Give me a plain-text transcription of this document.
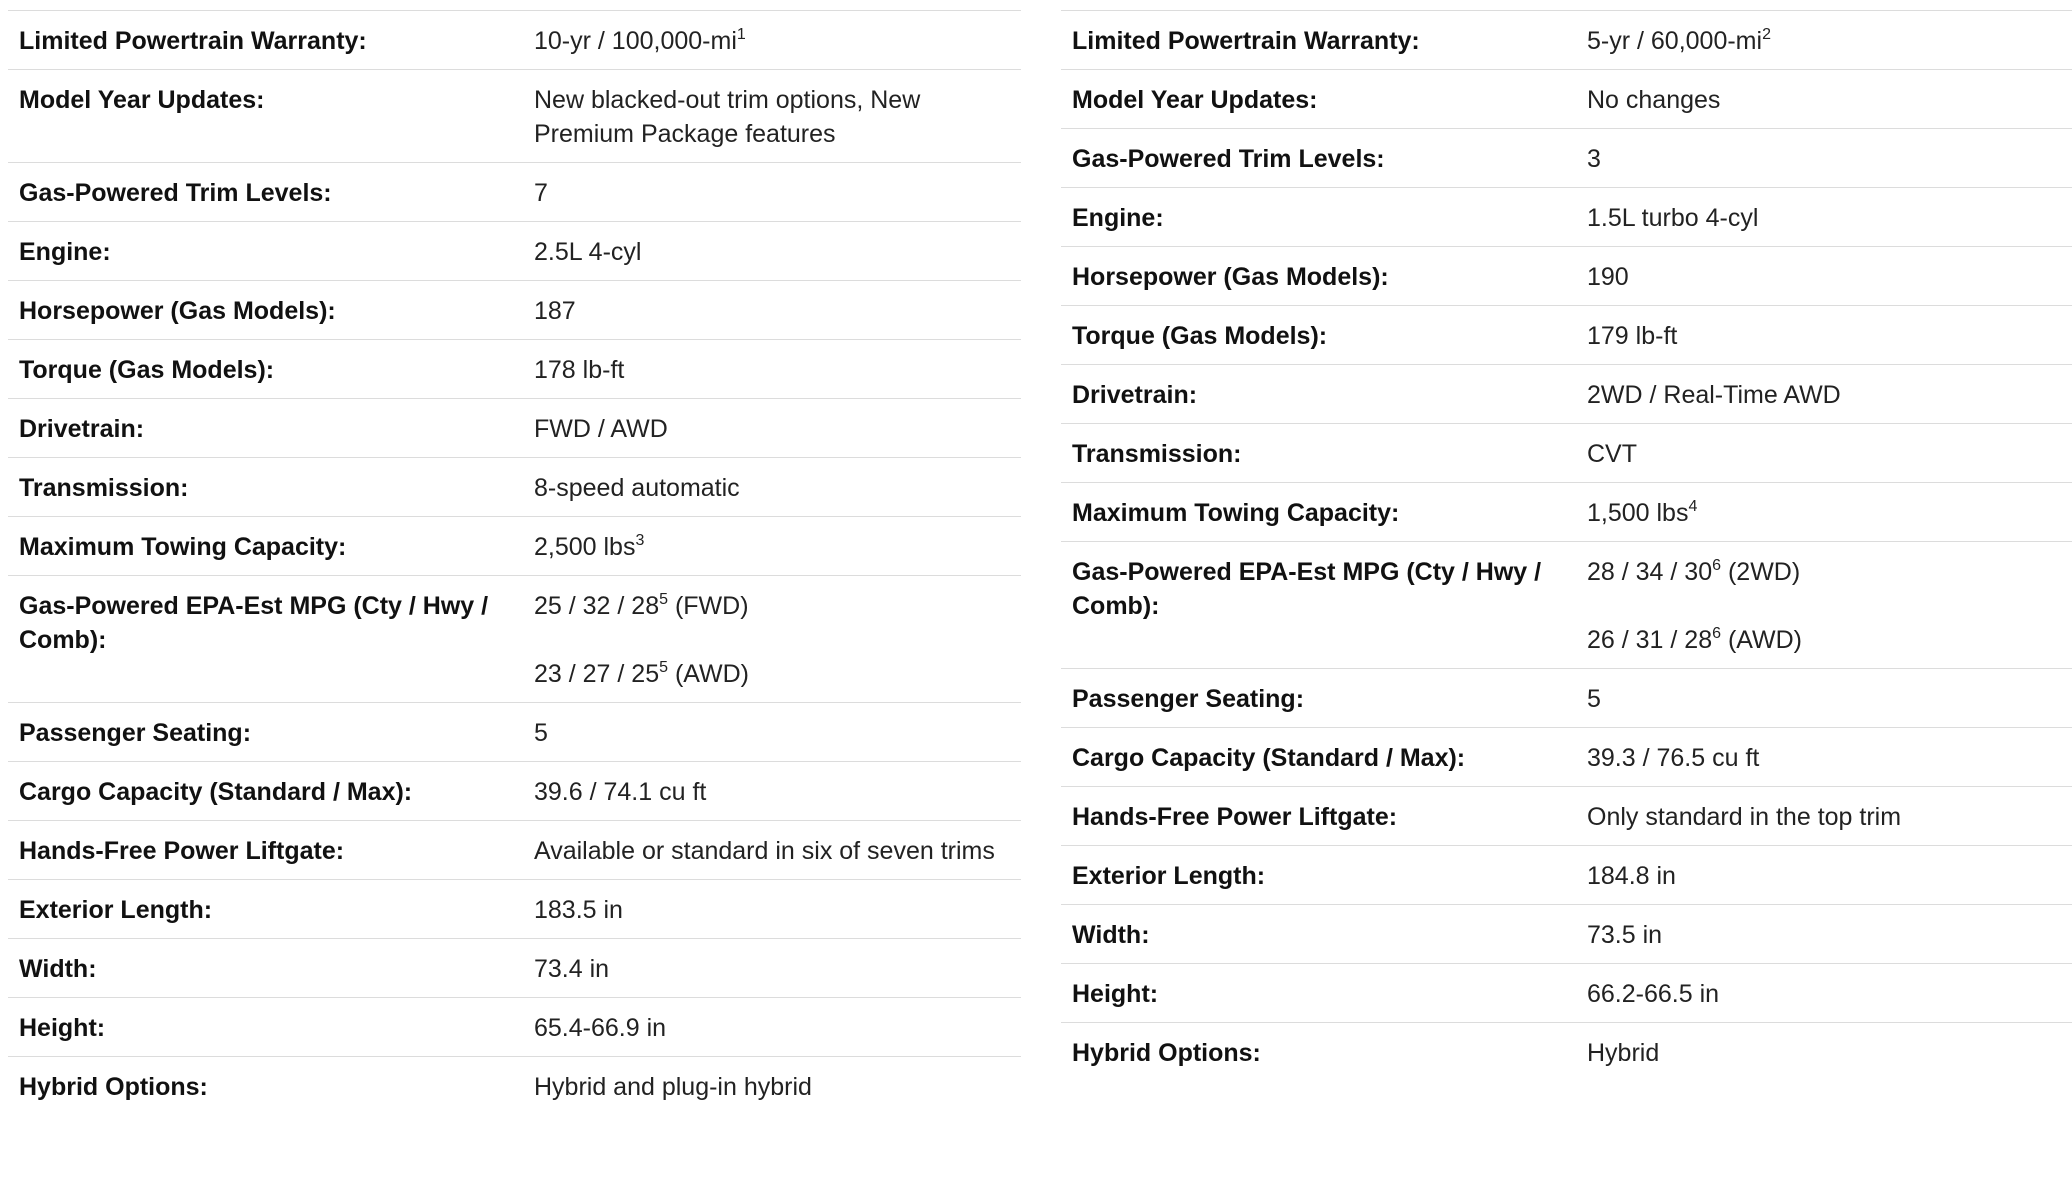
Limited Powertrain Warranty:	$10-yr / 100,000-mi^1$

Model Year Updates:	New blacked-out trim options, New Premium Package features

Gas-Powered Trim Levels:	7

Engine:	2.5L 4-cyl

Horsepower (Gas Models):	187

Torque (Gas Models):	178 lb-ft

Drivetrain:	FWD / AWD

Transmission:	8-speed automatic

Maximum Towing Capacity:	2,500 lbs$^3$

Gas-Powered EPA-Est MPG (Cty / Hwy / Comb):	$25 / 32 / 28^5$ (FWD)
$23 / 27 / 25^5$ (AWD)

Passenger Seating:	5

Cargo Capacity (Standard / Max):	39.6 / 74.1 cu ft

Hands-Free Power Liftgate:	Available or standard in six of seven trims

Exterior Length:	183.5 in

Width:	73.4 in

Height:	65.4-66.9 in

Hybrid Options:	Hybrid and plug-in hybrid
Limited Powertrain Warranty:	$5-yr / 60,000-mi^2$

Model Year Updates:	No changes

Gas-Powered Trim Levels:	3

Engine:	1.5L turbo 4-cyl

Horsepower (Gas Models):	190

Torque (Gas Models):	179 lb-ft

Drivetrain:	2WD / Real-Time AWD

Transmission:	CVT

Maximum Towing Capacity:	1,500 lbs$^4$

Gas-Powered EPA-Est MPG (Cty / Hwy / Comb):	$28 / 34 / 30^6$ (2WD)
$26 / 31 / 28^6$ (AWD)

Passenger Seating:	5

Cargo Capacity (Standard / Max):	39.3 / 76.5 cu ft

Hands-Free Power Liftgate:	Only standard in the top trim

Exterior Length:	184.8 in

Width:	73.5 in

Height:	66.2-66.5 in

Hybrid Options:	Hybrid
